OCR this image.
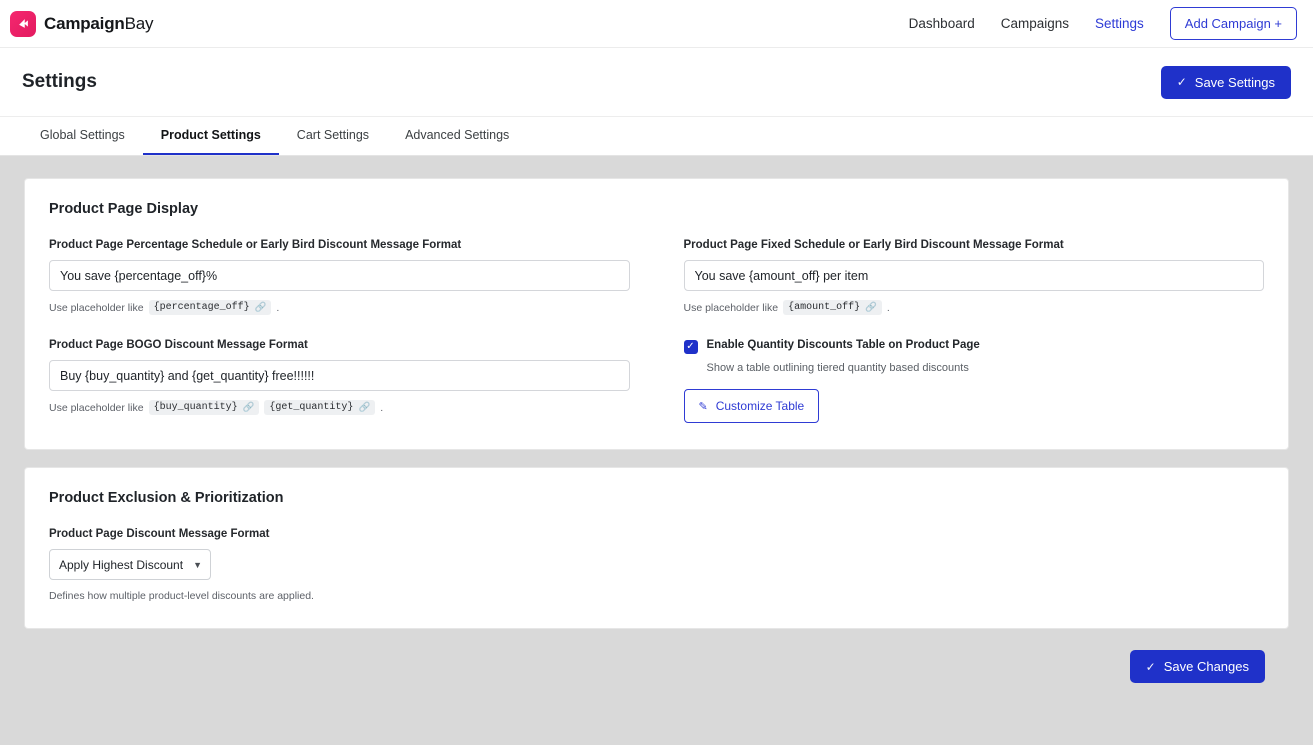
CampaignBay	Dashboard Campaigns Settings	Add Campaign +
Settings	✓ Save Settings
Global Settings	Product Settings	Cart Settings	Advanced Settings
Product Page Display
Product Page Percentage Schedule or Early Bird Discount Message Format
You save {percentage_off}%
Use placeholder like {percentage_off} 🔗 .
Product Page Fixed Schedule or Early Bird Discount Message Format
You save {amount_off} per item
Use placeholder like {amount_off} 🔗 .
Product Page BOGO Discount Message Format
Buy {buy_quantity} and {get_quantity} free!!!!!!
Use placeholder like {buy_quantity} 🔗 {get_quantity} 🔗 .
✓ Enable Quantity Discounts Table on Product Page
Show a table outlining tiered quantity based discounts
✎ Customize Table
Product Exclusion & Prioritization
Product Page Discount Message Format
Apply Highest Discount
▼
Defines how multiple product-level discounts are applied.
✓ Save Changes
